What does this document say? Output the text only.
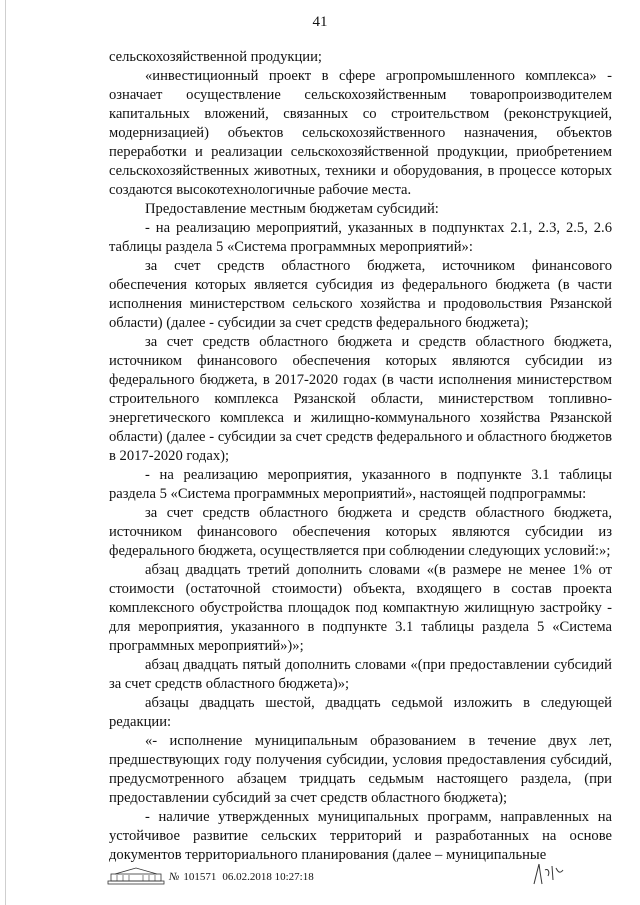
41

сельскохозяйственной продукции;

«инвестиционный проект в сфере агропромышленного комплекса» - означает осуществление сельскохозяйственным товаропроизводителем капитальных вложений, связанных со строительством (реконструкцией, модернизацией) объектов сельскохозяйственного назначения, объектов переработки и реализации сельскохозяйственной продукции, приобретением сельскохозяйственных животных, техники и оборудования, в процессе которых создаются высокотехнологичные рабочие места.

Предоставление местным бюджетам субсидий:

- на реализацию мероприятий, указанных в подпунктах 2.1, 2.3, 2.5, 2.6 таблицы раздела 5 «Система программных мероприятий»:

за счет средств областного бюджета, источником финансового обеспечения которых является субсидия из федерального бюджета (в части исполнения министерством сельского хозяйства и продовольствия Рязанской области) (далее - субсидии за счет средств федерального бюджета);

за счет средств областного бюджета и средств областного бюджета, источником финансового обеспечения которых являются субсидии из федерального бюджета, в 2017-2020 годах (в части исполнения министерством строительного комплекса Рязанской области, министерством топливно-энергетического комплекса и жилищно-коммунального хозяйства Рязанской области) (далее - субсидии за счет средств федерального и областного бюджетов в 2017-2020 годах);

- на реализацию мероприятия, указанного в подпункте 3.1 таблицы раздела 5 «Система программных мероприятий», настоящей подпрограммы:

за счет средств областного бюджета и средств областного бюджета, источником финансового обеспечения которых являются субсидии из федерального бюджета, осуществляется при соблюдении следующих условий:»;

абзац двадцать третий дополнить словами «(в размере не менее 1% от стоимости (остаточной стоимости) объекта, входящего в состав проекта комплексного обустройства площадок под компактную жилищную застройку - для мероприятия, указанного в подпункте 3.1 таблицы раздела 5 «Система программных мероприятий»)»;

абзац двадцать пятый дополнить словами «(при предоставлении субсидий за счет средств областного бюджета)»;

абзацы двадцать шестой, двадцать седьмой изложить в следующей редакции:

«- исполнение муниципальным образованием в течение двух лет, предшествующих году получения субсидии, условия предоставления субсидий, предусмотренного абзацем тридцать седьмым настоящего раздела, (при предоставлении субсидий за счет средств областного бюджета);

- наличие утвержденных муниципальных программ, направленных на устойчивое развитие сельских территорий и разработанных на основе документов территориального планирования (далее – муниципальные

№ 101571 06.02.2018 10:27:18
